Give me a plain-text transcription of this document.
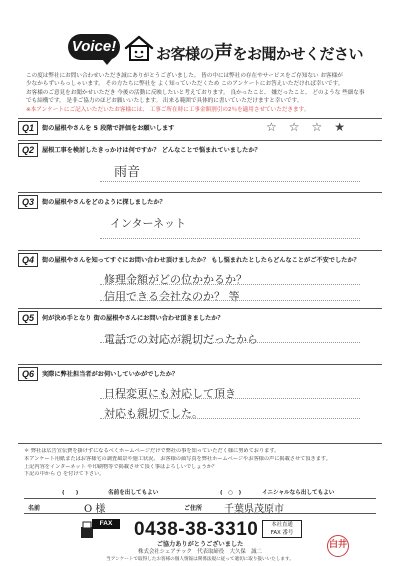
Voice!	お客様の声をお聞かせください

この度は弊社にお問い合わせいただき誠にありがとうございました。 皆の中には弊社の存在やサービスをご存知ない お客様が

少なからずいらっしゃいます。 その方たちに弊社を よく知っていただくため このアンケートにお答えいただければ幸いです。

お客様のご意見をお聞かせいただき 今後の活動に反映したいと考えております。 良かったこと、 嫌だったこと、 どのような 些細な事

でも結構です。 是非ご協力のほどお願いいたします。 出来る範囲で具体的に書いていただけますと幸いです。

※本アンケートにご記入いただいたお客様には、 工事ご所在時に工事金額割引の2％を適用させていただきます。

Q1	街の屋根やさんを 5 段階で評価をお願いします	☆ ☆ ☆ ★
Q2	屋根工事を検討したきっかけは何ですか？ どんなことで悩まれていましたか？
雨音
Q3	街の屋根やさんをどのように探しましたか？
インターネット
Q4	街の屋根やさんを知ってすぐにお問い合わせ頂けましたか？ もし悩まれたとしたらどんなことがご不安でしたか？
修理金額がどの位かかるか？
信用できる会社なのか？ 等
Q5	何が決め手となり 街の屋根やさんにお問い合わせ頂きましたか？
電話での対応が親切だったから
Q6	実際に弊社担当者がお伺いしていかがでしたか？
日程変更にも対応して頂き
対応も親切でした。

＊ 弊社は広告宣伝費を掛けずになるべくホームページだけで弊社の事を知っていただく様に努めております。

本アンケート用紙またはお客様宅の調査風景や施工状況、 お客様の顔写真を弊社ホームページやお客様の声に掲載させて頂きます。

上記内容をインターネット や印刷物等で掲載させて頂く事はよろしいでしょうか？

下記の中から ○ を付けて下さい。

(　　)	名前を出してもよい	(　○　)	イニシャルなら出してもよい
名前	O 様	ご住所 千葉県茂原市
FAX	0438-38-3310	本社直通
FAX 番号
ご協力ありがとうございました
株式会社シェアテック　代表取締役　大久保　誠二
当アンケートで取得したお客様の個人情報は関係法規に従って適切に取り扱いいたします。
白井
